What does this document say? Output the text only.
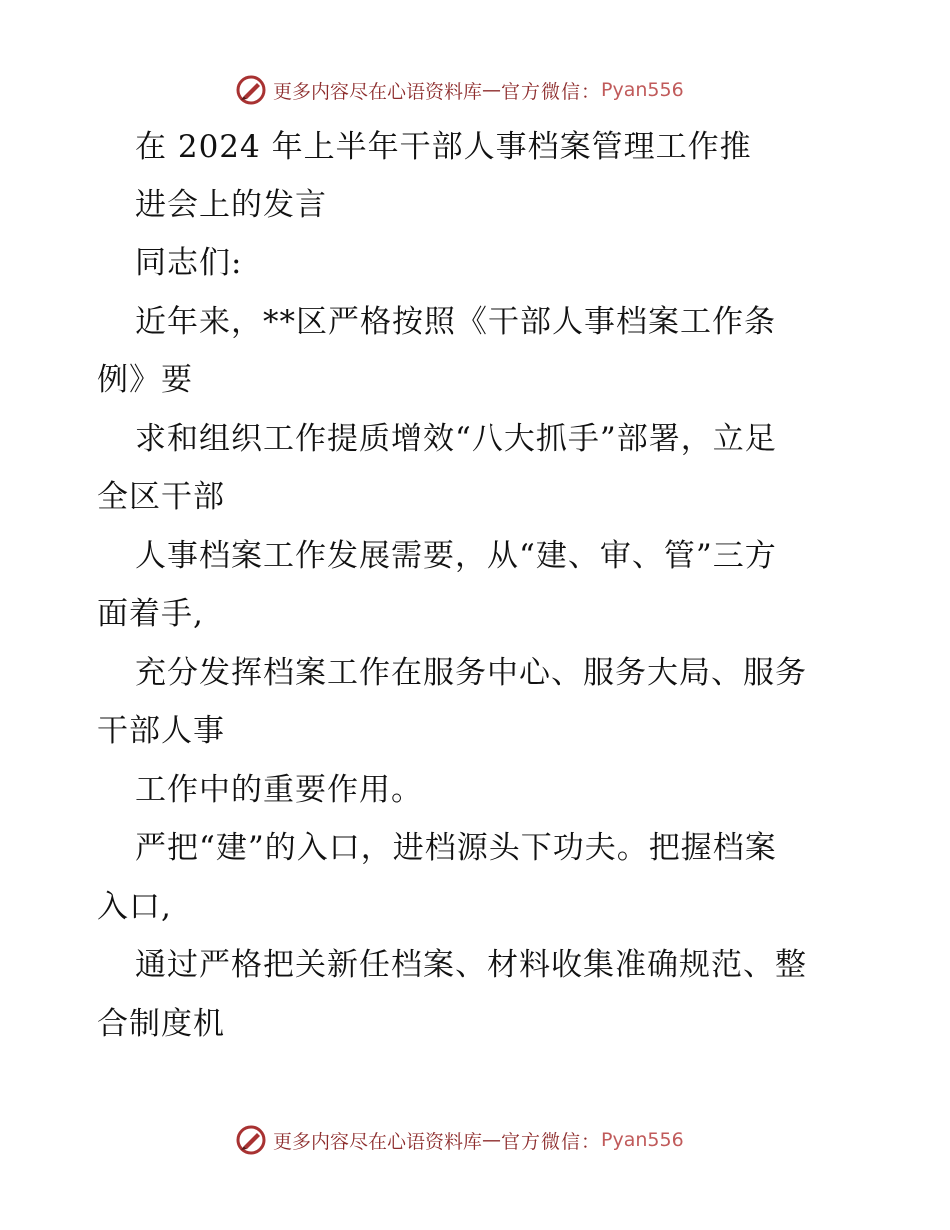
更多内容尽在心语资料库 — 官方微信： Pyan556
在 2024 年上半年干部人事档案管理工作推
进会上的发言
同志们:
近年来，**区严格按照《干部人事档案工作条
例》要
求和组织工作提质增效“八大抓手”部署，立足
全区干部
人事档案工作发展需要，从“建、审、管”三方
面着手,
充分发挥档案工作在服务中心、服务大局、服务
干部人事
工作中的重要作用。
严把“建”的入口，进档源头下功夫。把握档案
入口,
通过严格把关新任档案、材料收集准确规范、整
合制度机
更多内容尽在心语资料库 — 官方微信： Pyan556
